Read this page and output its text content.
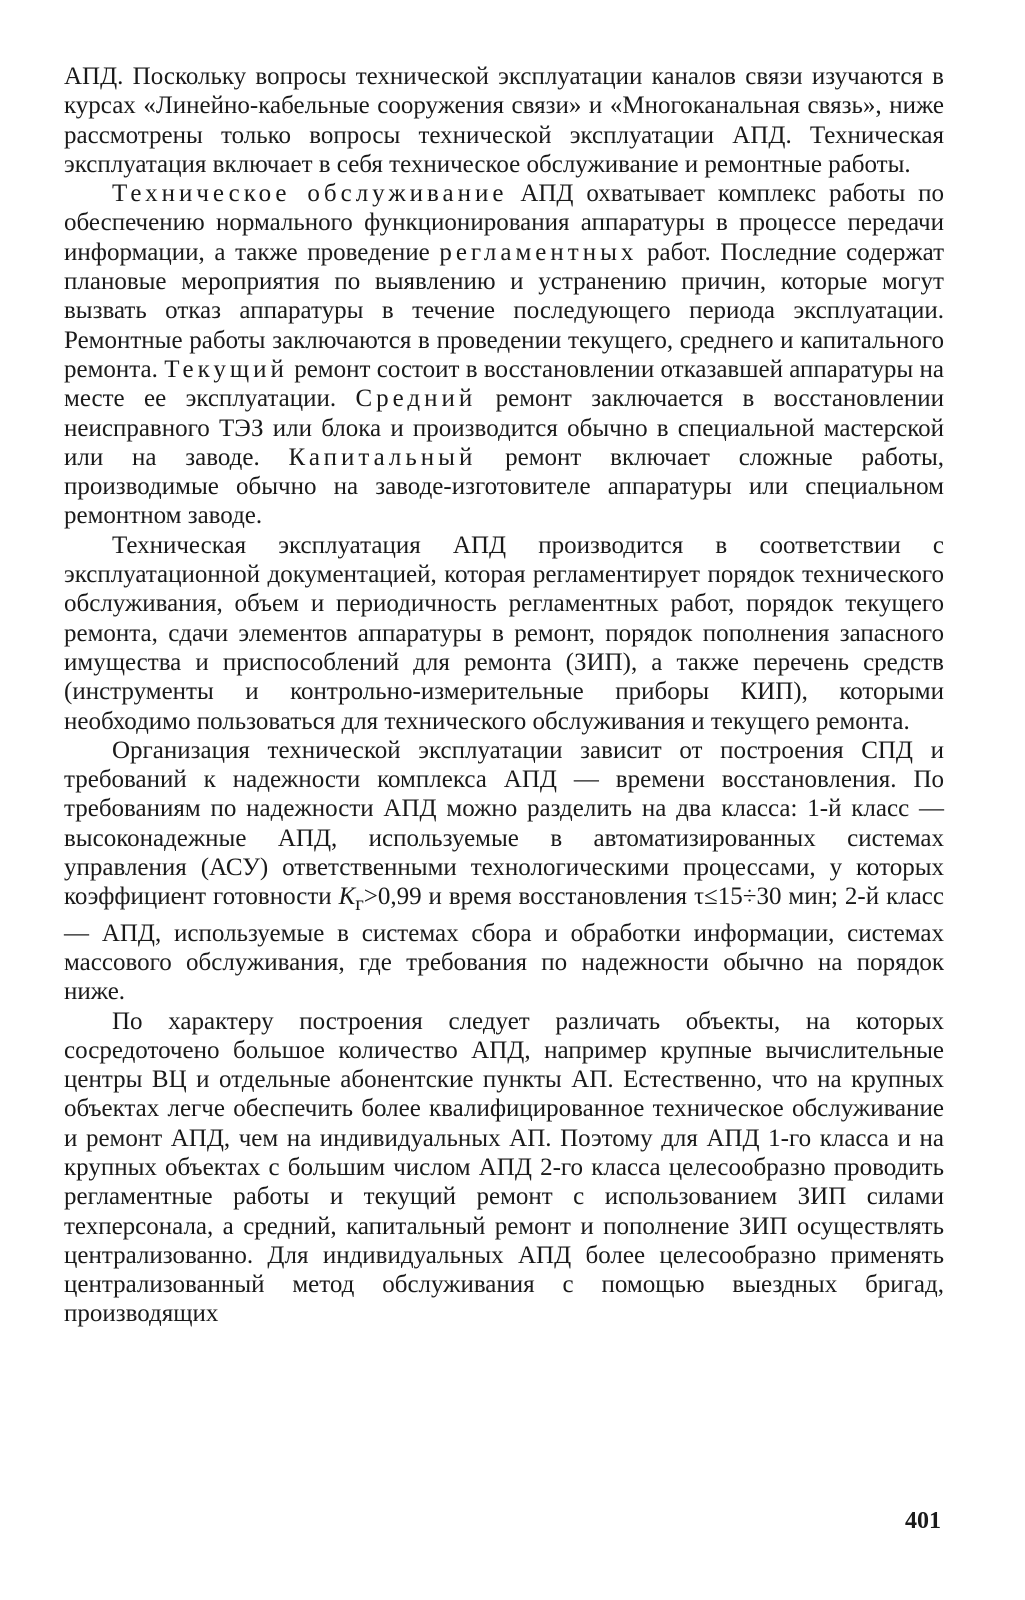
АПД. Поскольку вопросы технической эксплуатации каналов связи изучаются в курсах «Линейно-кабельные сооружения связи» и «Многоканальная связь», ниже рассмотрены только вопросы технической эксплуатации АПД. Техническая эксплуатация включает в себя техническое обслуживание и ремонтные работы.

Техническое обслуживание АПД охватывает комплекс работы по обеспечению нормального функционирования аппаратуры в процессе передачи информации, а также проведение регламентных работ. Последние содержат плановые мероприятия по выявлению и устранению причин, которые могут вызвать отказ аппаратуры в течение последующего периода эксплуатации. Ремонтные работы заключаются в проведении текущего, среднего и капитального ремонта. Текущий ремонт состоит в восстановлении отказавшей аппаратуры на месте ее эксплуатации. Средний ремонт заключается в восстановлении неисправного ТЭЗ или блока и производится обычно в специальной мастерской или на заводе. Капитальный ремонт включает сложные работы, производимые обычно на заводе-изготовителе аппаратуры или специальном ремонтном заводе.

Техническая эксплуатация АПД производится в соответствии с эксплуатационной документацией, которая регламентирует порядок технического обслуживания, объем и периодичность регламентных работ, порядок текущего ремонта, сдачи элементов аппаратуры в ремонт, порядок пополнения запасного имущества и приспособлений для ремонта (ЗИП), а также перечень средств (инструменты и контрольно-измерительные приборы КИП), которыми необходимо пользоваться для технического обслуживания и текущего ремонта.

Организация технической эксплуатации зависит от построения СПД и требований к надежности комплекса АПД — времени восстановления. По требованиям по надежности АПД можно разделить на два класса: 1-й класс — высоконадежные АПД, используемые в автоматизированных системах управления (АСУ) ответственными технологическими процессами, у которых коэффициент готовности $К_г>0,99$ и время восстановления τ≤15÷30 мин; 2-й класс — АПД, используемые в системах сбора и обработки информации, системах массового обслуживания, где требования по надежности обычно на порядок ниже.

По характеру построения следует различать объекты, на которых сосредоточено большое количество АПД, например крупные вычислительные центры ВЦ и отдельные абонентские пункты АП. Естественно, что на крупных объектах легче обеспечить более квалифицированное техническое обслуживание и ремонт АПД, чем на индивидуальных АП. Поэтому для АПД 1-го класса и на крупных объектах с большим числом АПД 2-го класса целесообразно проводить регламентные работы и текущий ремонт с использованием ЗИП силами техперсонала, а средний, капитальный ремонт и пополнение ЗИП осуществлять централизованно. Для индивидуальных АПД более целесообразно применять централизованный метод обслуживания с помощью выездных бригад, производящих

401
